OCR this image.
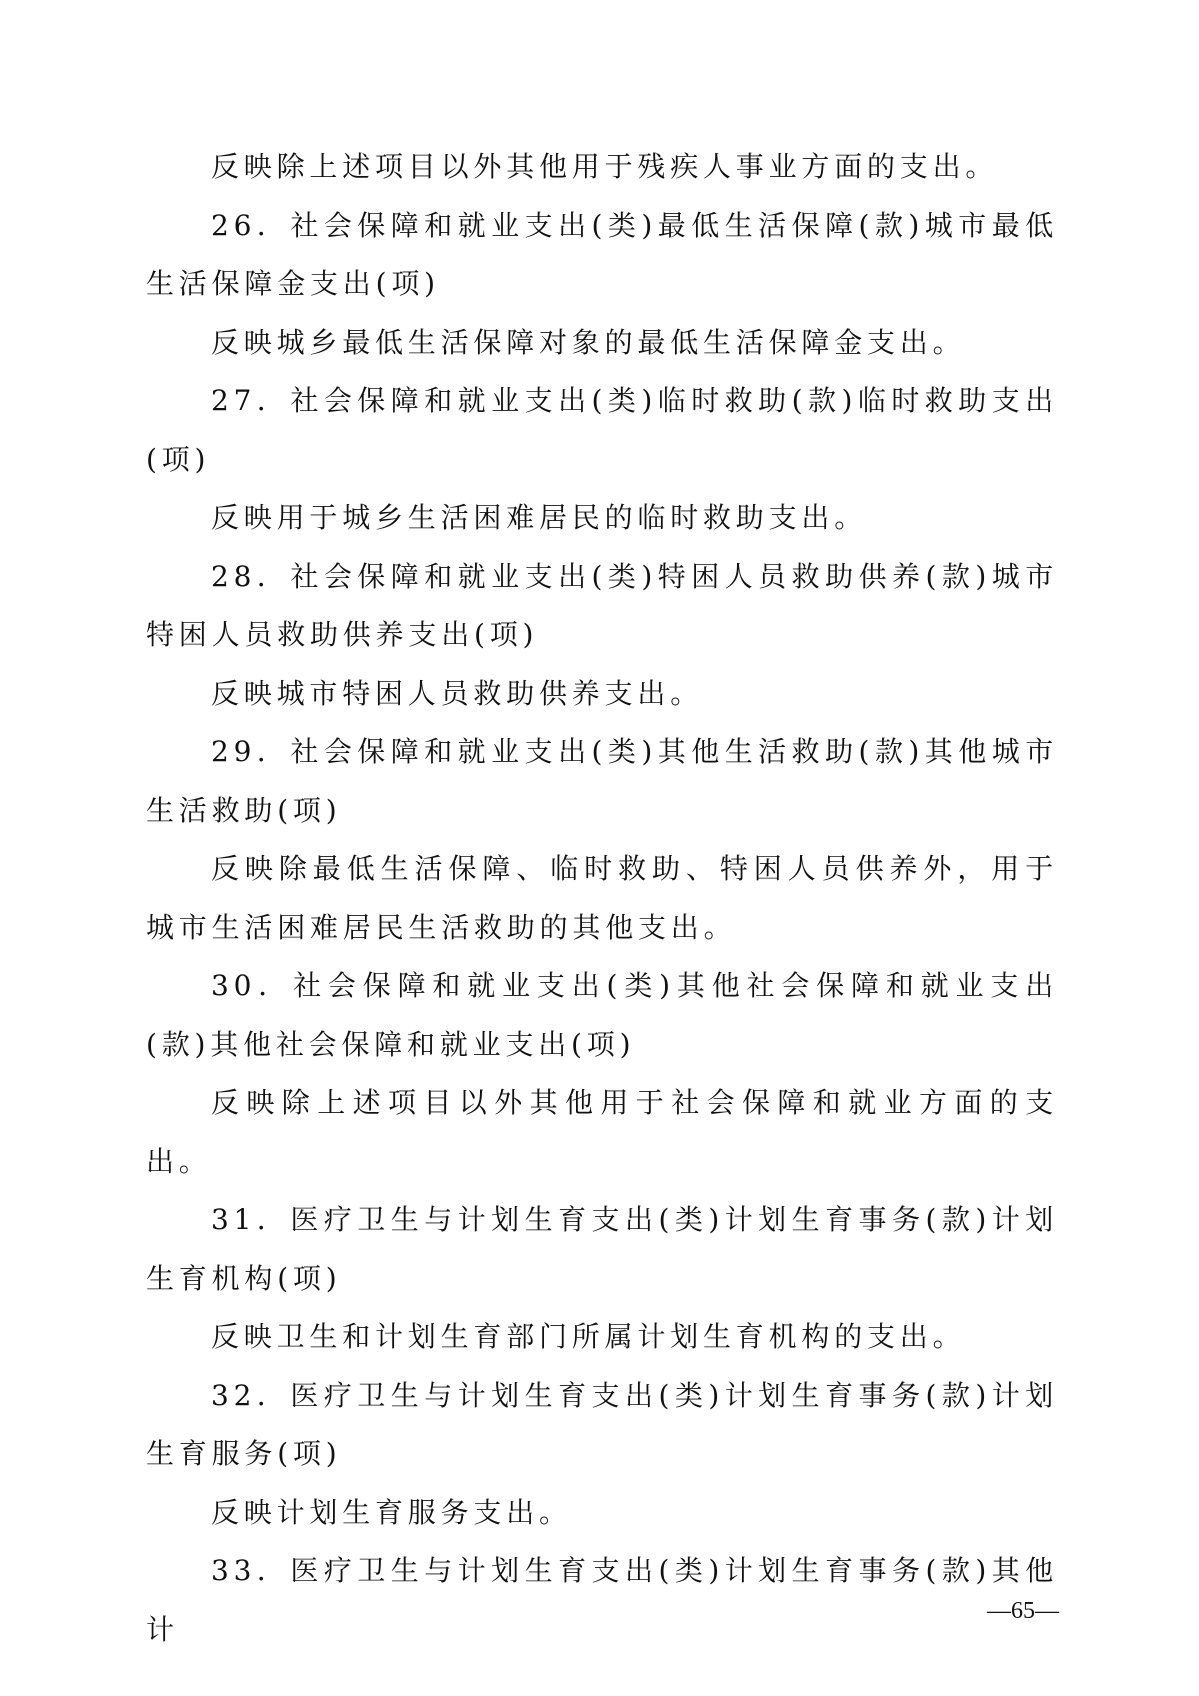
反映除上述项目以外其他用于残疾人事业方面的支出。

26．社会保障和就业支出(类)最低生活保障(款)城市最低生活保障金支出(项)

反映城乡最低生活保障对象的最低生活保障金支出。

27．社会保障和就业支出(类)临时救助(款)临时救助支出(项)

反映用于城乡生活困难居民的临时救助支出。

28．社会保障和就业支出(类)特困人员救助供养(款)城市特困人员救助供养支出(项)

反映城市特困人员救助供养支出。

29．社会保障和就业支出(类)其他生活救助(款)其他城市生活救助(项)

反映除最低生活保障、临时救助、特困人员供养外，用于城市生活困难居民生活救助的其他支出。

30．社会保障和就业支出(类)其他社会保障和就业支出(款)其他社会保障和就业支出(项)

反映除上述项目以外其他用于社会保障和就业方面的支出。

31．医疗卫生与计划生育支出(类)计划生育事务(款)计划生育机构(项)

反映卫生和计划生育部门所属计划生育机构的支出。

32．医疗卫生与计划生育支出(类)计划生育事务(款)计划生育服务(项)

反映计划生育服务支出。

33．医疗卫生与计划生育支出(类)计划生育事务(款)其他计

—65—
